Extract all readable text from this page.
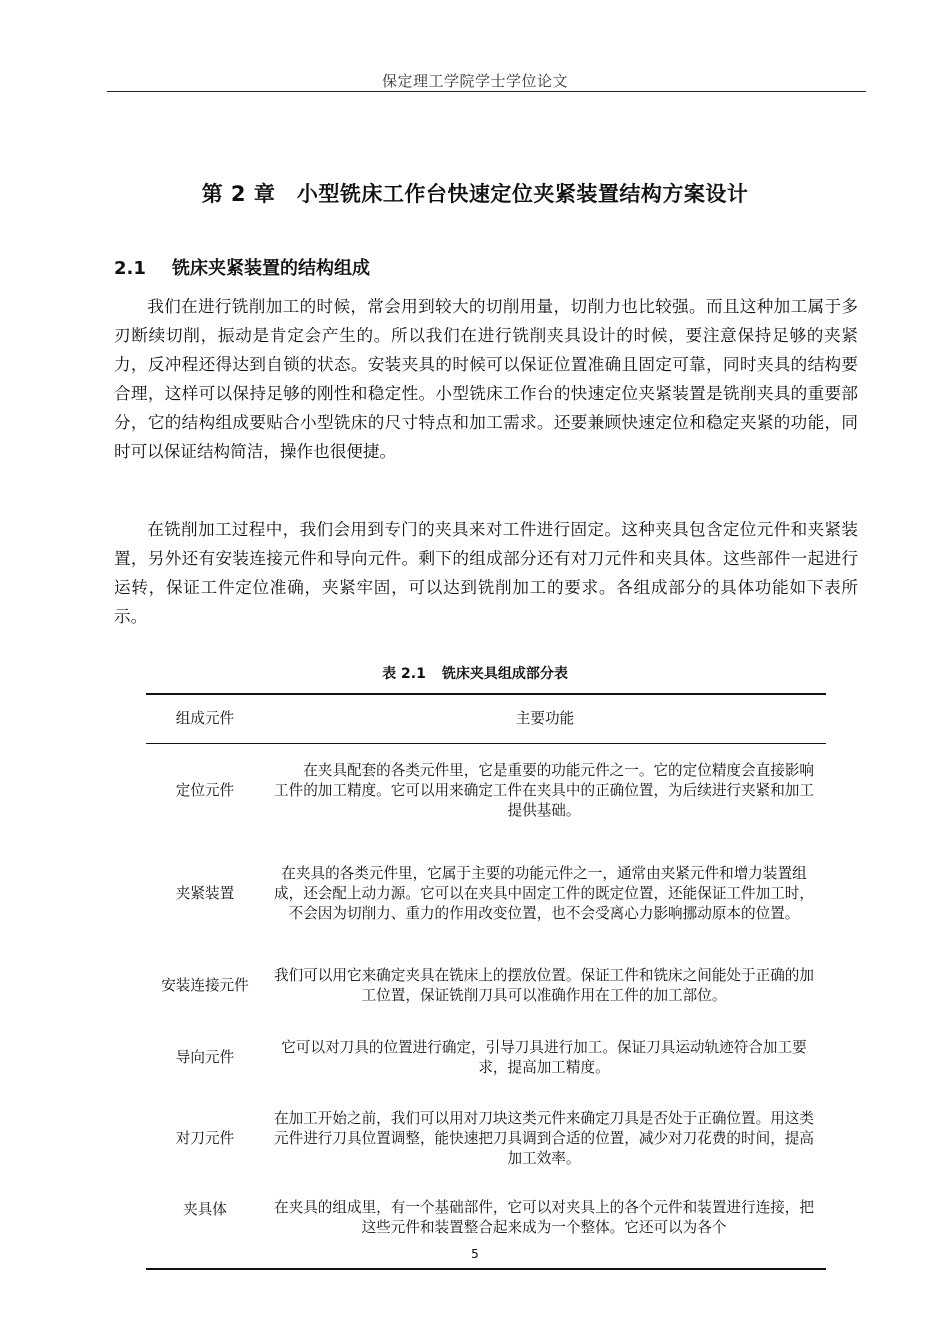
保定理工学院学士学位论文
第 2 章　小型铣床工作台快速定位夹紧装置结构方案设计
2.1 铣床夹紧装置的结构组成

我们在进行铣削加工的时候，常会用到较大的切削用量，切削力也比较强。而且这种加工属于多刃断续切削，振动是肯定会产生的。所以我们在进行铣削夹具设计的时候，要注意保持足够的夹紧力，反冲程还得达到自锁的状态。安装夹具的时候可以保证位置准确且固定可靠，同时夹具的结构要合理，这样可以保持足够的刚性和稳定性。小型铣床工作台的快速定位夹紧装置是铣削夹具的重要部分，它的结构组成要贴合小型铣床的尺寸特点和加工需求。还要兼顾快速定位和稳定夹紧的功能，同时可以保证结构简洁，操作也很便捷。

在铣削加工过程中，我们会用到专门的夹具来对工件进行固定。这种夹具包含定位元件和夹紧装置，另外还有安装连接元件和导向元件。剩下的组成部分还有对刀元件和夹具体。这些部件一起进行运转，保证工件定位准确，夹紧牢固，可以达到铣削加工的要求。各组成部分的具体功能如下表所示。

表 2.1 铣床夹具组成部分表
组成元件	主要功能
定位元件	　　在夹具配套的各类元件里，它是重要的功能元件之一。它的定位精度会直接影响工件的加工精度。它可以用来确定工件在夹具中的正确位置，为后续进行夹紧和加工提供基础。
夹紧装置	在夹具的各类元件里，它属于主要的功能元件之一，通常由夹紧元件和增力装置组成，还会配上动力源。它可以在夹具中固定工件的既定位置，还能保证工件加工时，不会因为切削力、重力的作用改变位置，也不会受离心力影响挪动原本的位置。
安装连接元件	我们可以用它来确定夹具在铣床上的摆放位置。保证工件和铣床之间能处于正确的加工位置，保证铣削刀具可以准确作用在工件的加工部位。
导向元件	它可以对刀具的位置进行确定，引导刀具进行加工。保证刀具运动轨迹符合加工要求，提高加工精度。
对刀元件	在加工开始之前，我们可以用对刀块这类元件来确定刀具是否处于正确位置。用这类元件进行刀具位置调整，能快速把刀具调到合适的位置，减少对刀花费的时间，提高加工效率。
夹具体	在夹具的组成里，有一个基础部件，它可以对夹具上的各个元件和装置进行连接，把这些元件和装置整合起来成为一个整体。它还可以为各个
5
